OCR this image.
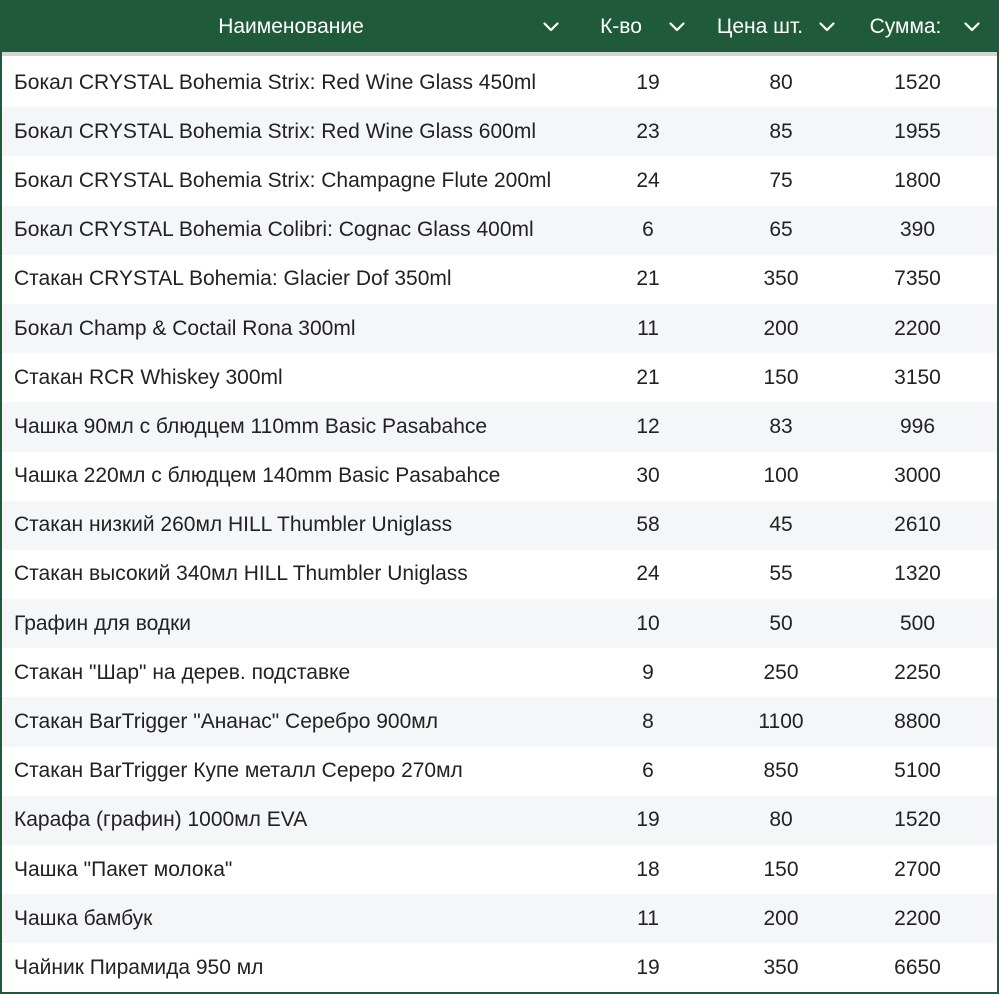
Наименование	К-во	Цена шт.	Сумма:
Бокал CRYSTAL Bohemia Strix: Red Wine Glass 450ml	19	80	1520
Бокал CRYSTAL Bohemia Strix: Red Wine Glass 600ml	23	85	1955
Бокал CRYSTAL Bohemia Strix: Champagne Flute 200ml	24	75	1800
Бокал CRYSTAL Bohemia Colibri: Cognac Glass 400ml	6	65	390
Стакан CRYSTAL Bohemia: Glacier Dof 350ml	21	350	7350
Бокал Champ & Coctail Rona 300ml	11	200	2200
Стакан RCR Whiskey 300ml	21	150	3150
Чашка 90мл с блюдцем 110mm Basic Pasabahce	12	83	996
Чашка 220мл с блюдцем 140mm Basic Pasabahce	30	100	3000
Стакан низкий 260мл HILL Thumbler Uniglass	58	45	2610
Стакан высокий 340мл HILL Thumbler Uniglass	24	55	1320
Графин для водки	10	50	500
Стакан "Шар" на дерев. подставке	9	250	2250
Стакан BarTrigger "Ананас" Серебро 900мл	8	1100	8800
Стакан BarTrigger Купе металл Сереро 270мл	6	850	5100
Карафа (графин) 1000мл EVA	19	80	1520
Чашка "Пакет молока"	18	150	2700
Чашка бамбук	11	200	2200
Чайник Пирамида 950 мл	19	350	6650
